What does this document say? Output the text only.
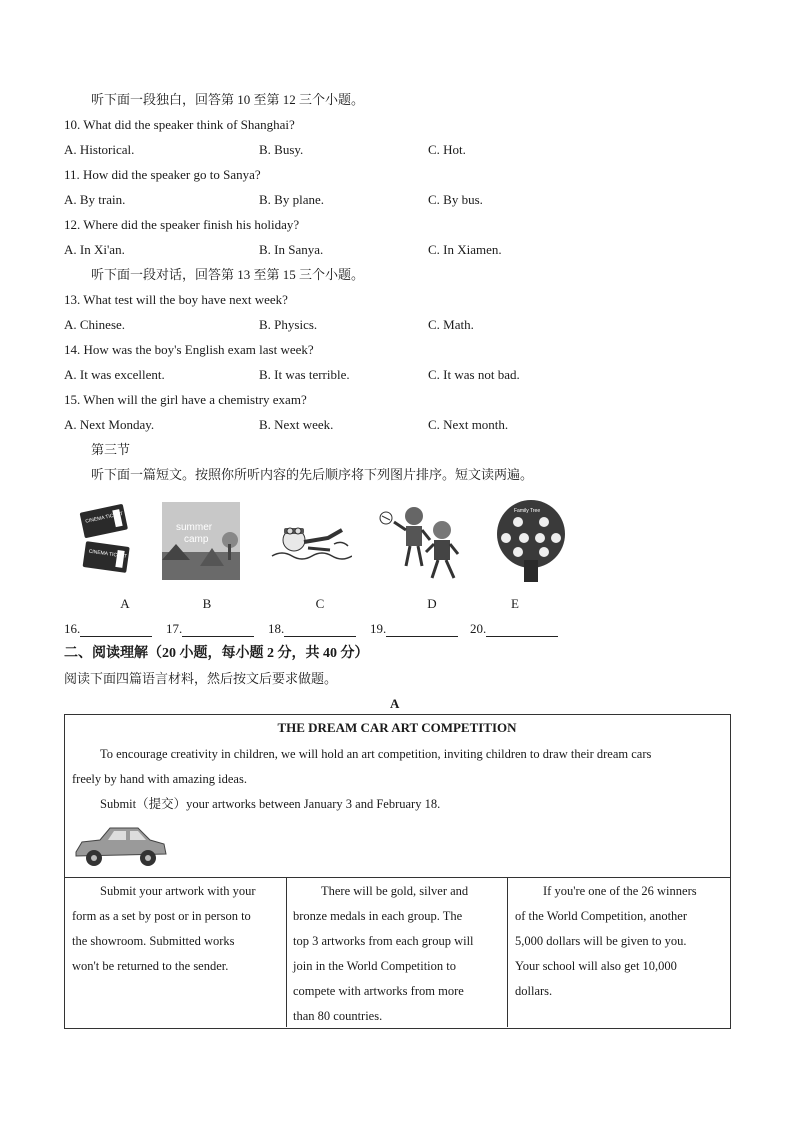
听下面一段独白，回答第 10 至第 12 三个小题。
10. What did the speaker think of Shanghai?
A. Historical.	B. Busy.	C. Hot.
11. How did the speaker go to Sanya?
A. By train.	B. By plane.	C. By bus.
12. Where did the speaker finish his holiday?
A. In Xi'an.	B. In Sanya.	C. In Xiamen.
听下面一段对话，回答第 13 至第 15 三个小题。
13. What test will the boy have next week?
A. Chinese.	B. Physics.	C. Math.
14. How was the boy's English exam last week?
A. It was excellent.	B. It was terrible.	C. It was not bad.
15. When will the girl have a chemistry exam?
A. Next Monday.	B. Next week.	C. Next month.
第三节
听下面一篇短文。按照你所听内容的先后顺序将下列图片排序。短文读两遍。
CINEMA TICKET
CINEMA TICKET
summer
camp
Family Tree
A	B	C	D	E
16.	17.	18.	19.	20.
二、阅读理解（20 小题，每小题 2 分，共 40 分）
阅读下面四篇语言材料，然后按文后要求做题。
A
THE DREAM CAR ART COMPETITION
To encourage creativity in children, we will hold an art competition, inviting children to draw their dream cars
freely by hand with amazing ideas.
Submit（提交）your artworks between January 3 and February 18.
Submit your artwork with your
form as a set by post or in person to
the showroom. Submitted works
won't be returned to the sender.
There will be gold, silver and
bronze medals in each group. The
top 3 artworks from each group will
join in the World Competition to
compete with artworks from more
than 80 countries.
If you're one of the 26 winners
of the World Competition, another
5,000 dollars will be given to you.
Your school will also get 10,000
dollars.
